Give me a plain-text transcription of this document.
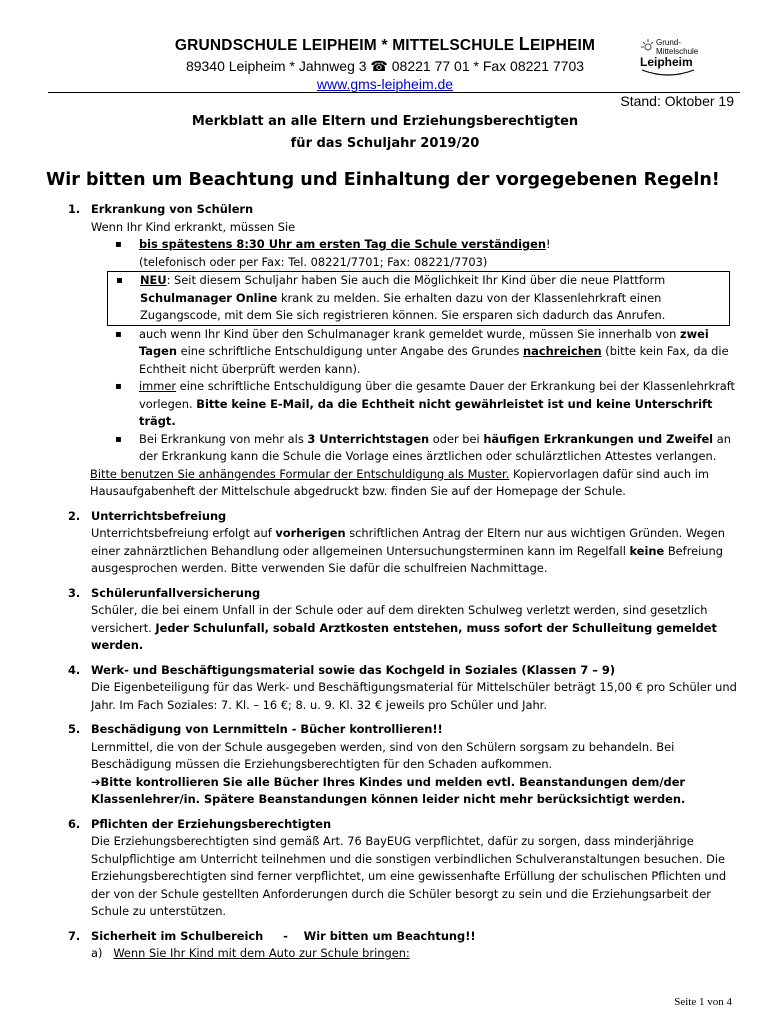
GRUNDSCHULE LEIPHEIM * MITTELSCHULE LEIPHEIM
89340 Leipheim * Jahnweg 3 ☎ 08221 77 01 * Fax 08221 7703
www.gms-leipheim.de
Grund-
Mittelschule
Leipheim
Stand: Oktober 19
Merkblatt an alle Eltern und Erziehungsberechtigten
für das Schuljahr 2019/20
Wir bitten um Beachtung und Einhaltung der vorgegebenen Regeln!
1. Erkrankung von Schülern
Wenn Ihr Kind erkrankt, müssen Sie
▪ bis spätestens 8:30 Uhr am ersten Tag die Schule verständigen!
(telefonisch oder per Fax: Tel. 08221/7701; Fax: 08221/7703)
▪ NEU: Seit diesem Schuljahr haben Sie auch die Möglichkeit Ihr Kind über die neue Plattform Schulmanager Online krank zu melden. Sie erhalten dazu von der Klassenlehrkraft einen Zugangscode, mit dem Sie sich registrieren können. Sie ersparen sich dadurch das Anrufen.
▪ auch wenn Ihr Kind über den Schulmanager krank gemeldet wurde, müssen Sie innerhalb von zwei Tagen eine schriftliche Entschuldigung unter Angabe des Grundes nachreichen (bitte kein Fax, da die Echtheit nicht überprüft werden kann).
▪ immer eine schriftliche Entschuldigung über die gesamte Dauer der Erkrankung bei der Klassenlehrkraft vorlegen. Bitte keine E-Mail, da die Echtheit nicht gewährleistet ist und keine Unterschrift trägt.
▪ Bei Erkrankung von mehr als 3 Unterrichtstagen oder bei häufigen Erkrankungen und Zweifel an der Erkrankung kann die Schule die Vorlage eines ärztlichen oder schulärztlichen Attestes verlangen.
Bitte benutzen Sie anhängendes Formular der Entschuldigung als Muster. Kopiervorlagen dafür sind auch im Hausaufgabenheft der Mittelschule abgedruckt bzw. finden Sie auf der Homepage der Schule.
2. Unterrichtsbefreiung
Unterrichtsbefreiung erfolgt auf vorherigen schriftlichen Antrag der Eltern nur aus wichtigen Gründen. Wegen einer zahnärztlichen Behandlung oder allgemeinen Untersuchungsterminen kann im Regelfall keine Befreiung ausgesprochen werden. Bitte verwenden Sie dafür die schulfreien Nachmittage.
3. Schülerunfallversicherung
Schüler, die bei einem Unfall in der Schule oder auf dem direkten Schulweg verletzt werden, sind gesetzlich versichert. Jeder Schulunfall, sobald Arztkosten entstehen, muss sofort der Schulleitung gemeldet werden.
4. Werk- und Beschäftigungsmaterial sowie das Kochgeld in Soziales (Klassen 7 – 9)
Die Eigenbeteiligung für das Werk- und Beschäftigungsmaterial für Mittelschüler beträgt 15,00 € pro Schüler und Jahr. Im Fach Soziales: 7. Kl. – 16 €; 8. u. 9. Kl. 32 € jeweils pro Schüler und Jahr.
5. Beschädigung von Lernmitteln - Bücher kontrollieren!!
Lernmittel, die von der Schule ausgegeben werden, sind von den Schülern sorgsam zu behandeln. Bei Beschädigung müssen die Erziehungsberechtigten für den Schaden aufkommen.
➔Bitte kontrollieren Sie alle Bücher Ihres Kindes und melden evtl. Beanstandungen dem/der Klassenlehrer/in. Spätere Beanstandungen können leider nicht mehr berücksichtigt werden.
6. Pflichten der Erziehungsberechtigten
Die Erziehungsberechtigten sind gemäß Art. 76 BayEUG verpflichtet, dafür zu sorgen, dass minderjährige Schulpflichtige am Unterricht teilnehmen und die sonstigen verbindlichen Schulveranstaltungen besuchen. Die Erziehungsberechtigten sind ferner verpflichtet, um eine gewissenhafte Erfüllung der schulischen Pflichten und der von der Schule gestellten Anforderungen durch die Schüler besorgt zu sein und die Erziehungsarbeit der Schule zu unterstützen.
7. Sicherheit im Schulbereich     -    Wir bitten um Beachtung!!
a) Wenn Sie Ihr Kind mit dem Auto zur Schule bringen:
Seite 1 von 4
